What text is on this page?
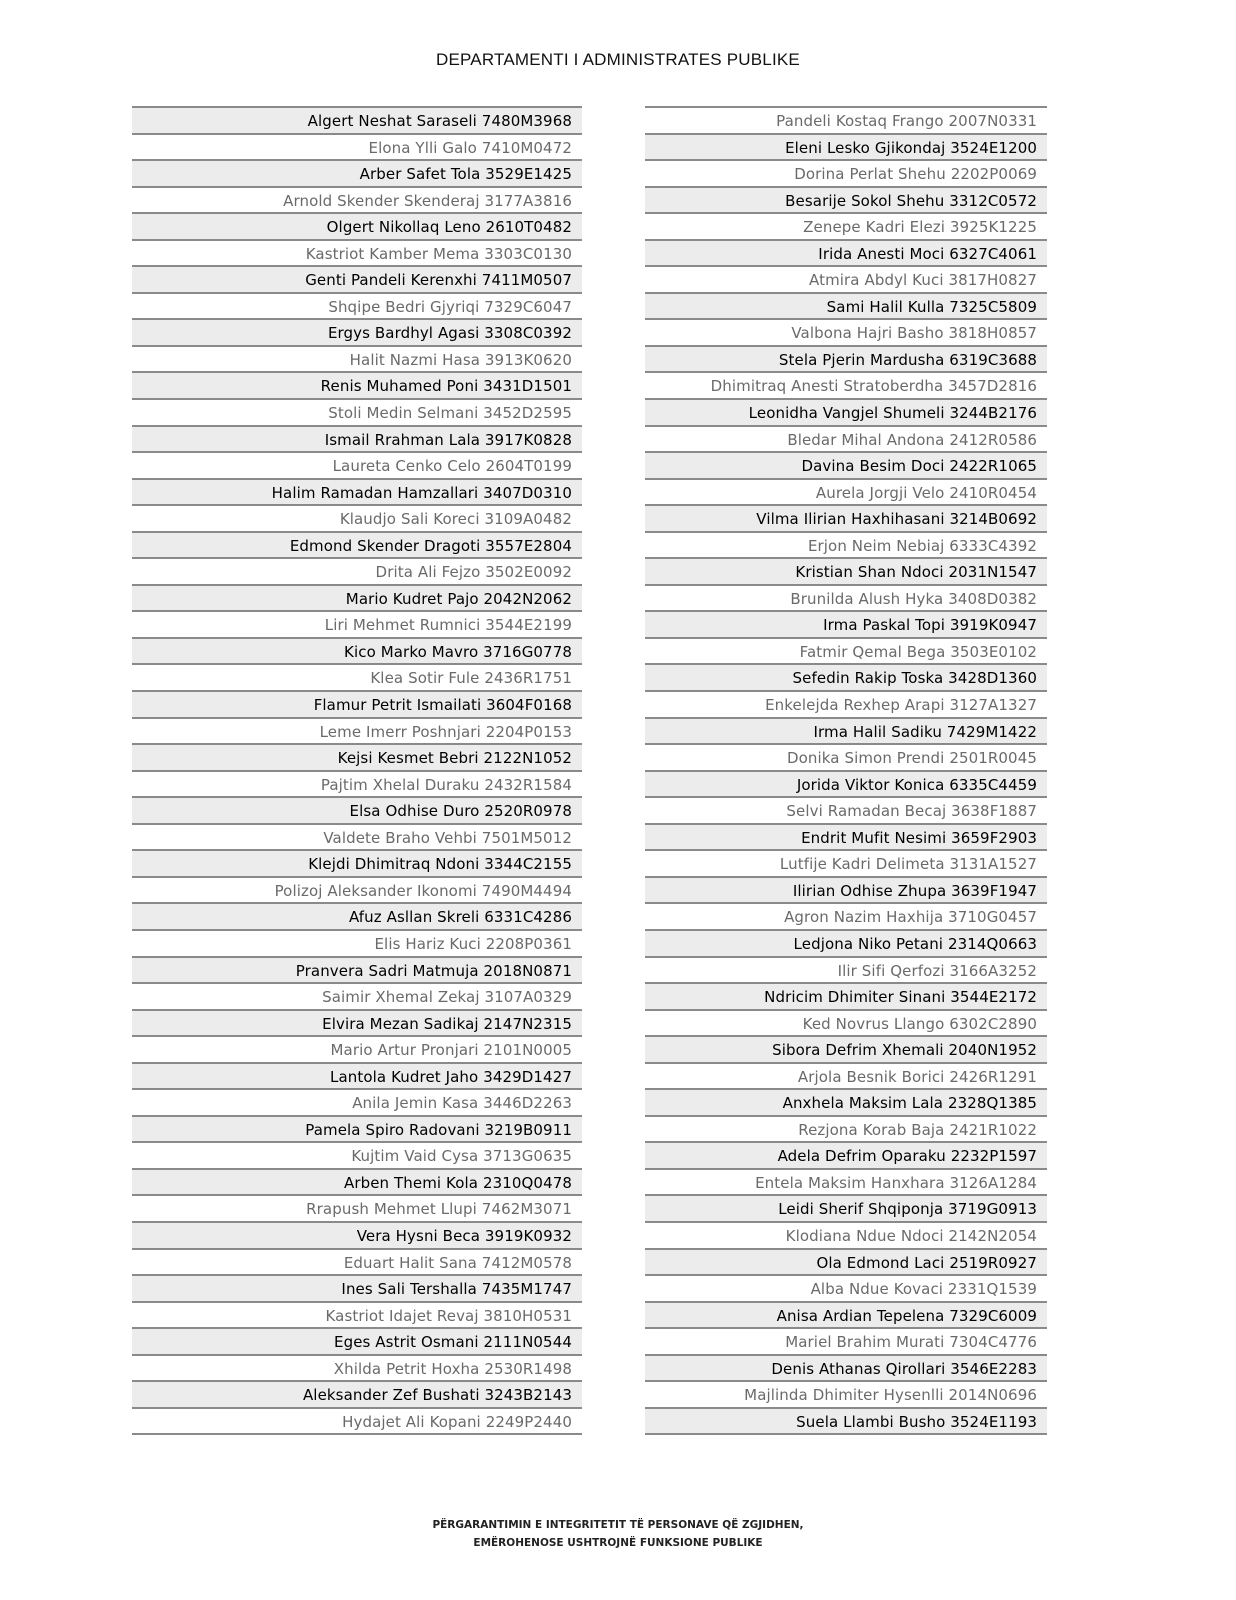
DEPARTAMENTI I ADMINISTRATES PUBLIKE
Algert Neshat Saraseli 7480M3968
Elona Ylli Galo 7410M0472
Arber Safet Tola 3529E1425
Arnold Skender Skenderaj 3177A3816
Olgert Nikollaq Leno 2610T0482
Kastriot Kamber Mema 3303C0130
Genti Pandeli Kerenxhi 7411M0507
Shqipe Bedri Gjyriqi 7329C6047
Ergys Bardhyl Agasi 3308C0392
Halit Nazmi Hasa 3913K0620
Renis Muhamed Poni 3431D1501
Stoli Medin Selmani 3452D2595
Ismail Rrahman Lala 3917K0828
Laureta Cenko Celo 2604T0199
Halim Ramadan Hamzallari 3407D0310
Klaudjo Sali Koreci 3109A0482
Edmond Skender Dragoti 3557E2804
Drita Ali Fejzo 3502E0092
Mario Kudret Pajo 2042N2062
Liri Mehmet Rumnici 3544E2199
Kico Marko Mavro 3716G0778
Klea Sotir Fule 2436R1751
Flamur Petrit Ismailati 3604F0168
Leme Imerr Poshnjari 2204P0153
Kejsi Kesmet Bebri 2122N1052
Pajtim Xhelal Duraku 2432R1584
Elsa Odhise Duro 2520R0978
Valdete Braho Vehbi 7501M5012
Klejdi Dhimitraq Ndoni 3344C2155
Polizoj Aleksander Ikonomi 7490M4494
Afuz Asllan Skreli 6331C4286
Elis Hariz Kuci 2208P0361
Pranvera Sadri Matmuja 2018N0871
Saimir Xhemal Zekaj 3107A0329
Elvira Mezan Sadikaj 2147N2315
Mario Artur Pronjari 2101N0005
Lantola Kudret Jaho 3429D1427
Anila Jemin Kasa 3446D2263
Pamela Spiro Radovani 3219B0911
Kujtim Vaid Cysa 3713G0635
Arben Themi Kola 2310Q0478
Rrapush Mehmet Llupi 7462M3071
Vera Hysni Beca 3919K0932
Eduart Halit Sana 7412M0578
Ines Sali Tershalla 7435M1747
Kastriot Idajet Revaj 3810H0531
Eges Astrit Osmani 2111N0544
Xhilda Petrit Hoxha 2530R1498
Aleksander Zef Bushati 3243B2143
Hydajet Ali Kopani 2249P2440
Pandeli Kostaq Frango 2007N0331
Eleni Lesko Gjikondaj 3524E1200
Dorina Perlat Shehu 2202P0069
Besarije Sokol Shehu 3312C0572
Zenepe Kadri Elezi 3925K1225
Irida Anesti Moci 6327C4061
Atmira Abdyl Kuci 3817H0827
Sami Halil Kulla 7325C5809
Valbona Hajri Basho 3818H0857
Stela Pjerin Mardusha 6319C3688
Dhimitraq Anesti Stratoberdha 3457D2816
Leonidha Vangjel Shumeli 3244B2176
Bledar Mihal Andona 2412R0586
Davina Besim Doci 2422R1065
Aurela Jorgji Velo 2410R0454
Vilma Ilirian Haxhihasani 3214B0692
Erjon Neim Nebiaj 6333C4392
Kristian Shan Ndoci 2031N1547
Brunilda Alush Hyka 3408D0382
Irma Paskal Topi 3919K0947
Fatmir Qemal Bega 3503E0102
Sefedin Rakip Toska 3428D1360
Enkelejda Rexhep Arapi 3127A1327
Irma Halil Sadiku 7429M1422
Donika Simon Prendi 2501R0045
Jorida Viktor Konica 6335C4459
Selvi Ramadan Becaj 3638F1887
Endrit Mufit Nesimi 3659F2903
Lutfije Kadri Delimeta 3131A1527
Ilirian Odhise Zhupa 3639F1947
Agron Nazim Haxhija 3710G0457
Ledjona Niko Petani 2314Q0663
Ilir Sifi Qerfozi 3166A3252
Ndricim Dhimiter Sinani 3544E2172
Ked Novrus Llango 6302C2890
Sibora Defrim Xhemali 2040N1952
Arjola Besnik Borici 2426R1291
Anxhela Maksim Lala 2328Q1385
Rezjona Korab Baja 2421R1022
Adela Defrim Oparaku 2232P1597
Entela Maksim Hanxhara 3126A1284
Leidi Sherif Shqiponja 3719G0913
Klodiana Ndue Ndoci 2142N2054
Ola Edmond Laci 2519R0927
Alba Ndue Kovaci 2331Q1539
Anisa Ardian Tepelena 7329C6009
Mariel Brahim Murati 7304C4776
Denis Athanas Qirollari 3546E2283
Majlinda Dhimiter Hysenlli 2014N0696
Suela Llambi Busho 3524E1193
PËRGARANTIMIN E INTEGRITETIT TË PERSONAVE QË ZGJIDHEN,
EMËROHENOSE USHTROJNË FUNKSIONE PUBLIKE
